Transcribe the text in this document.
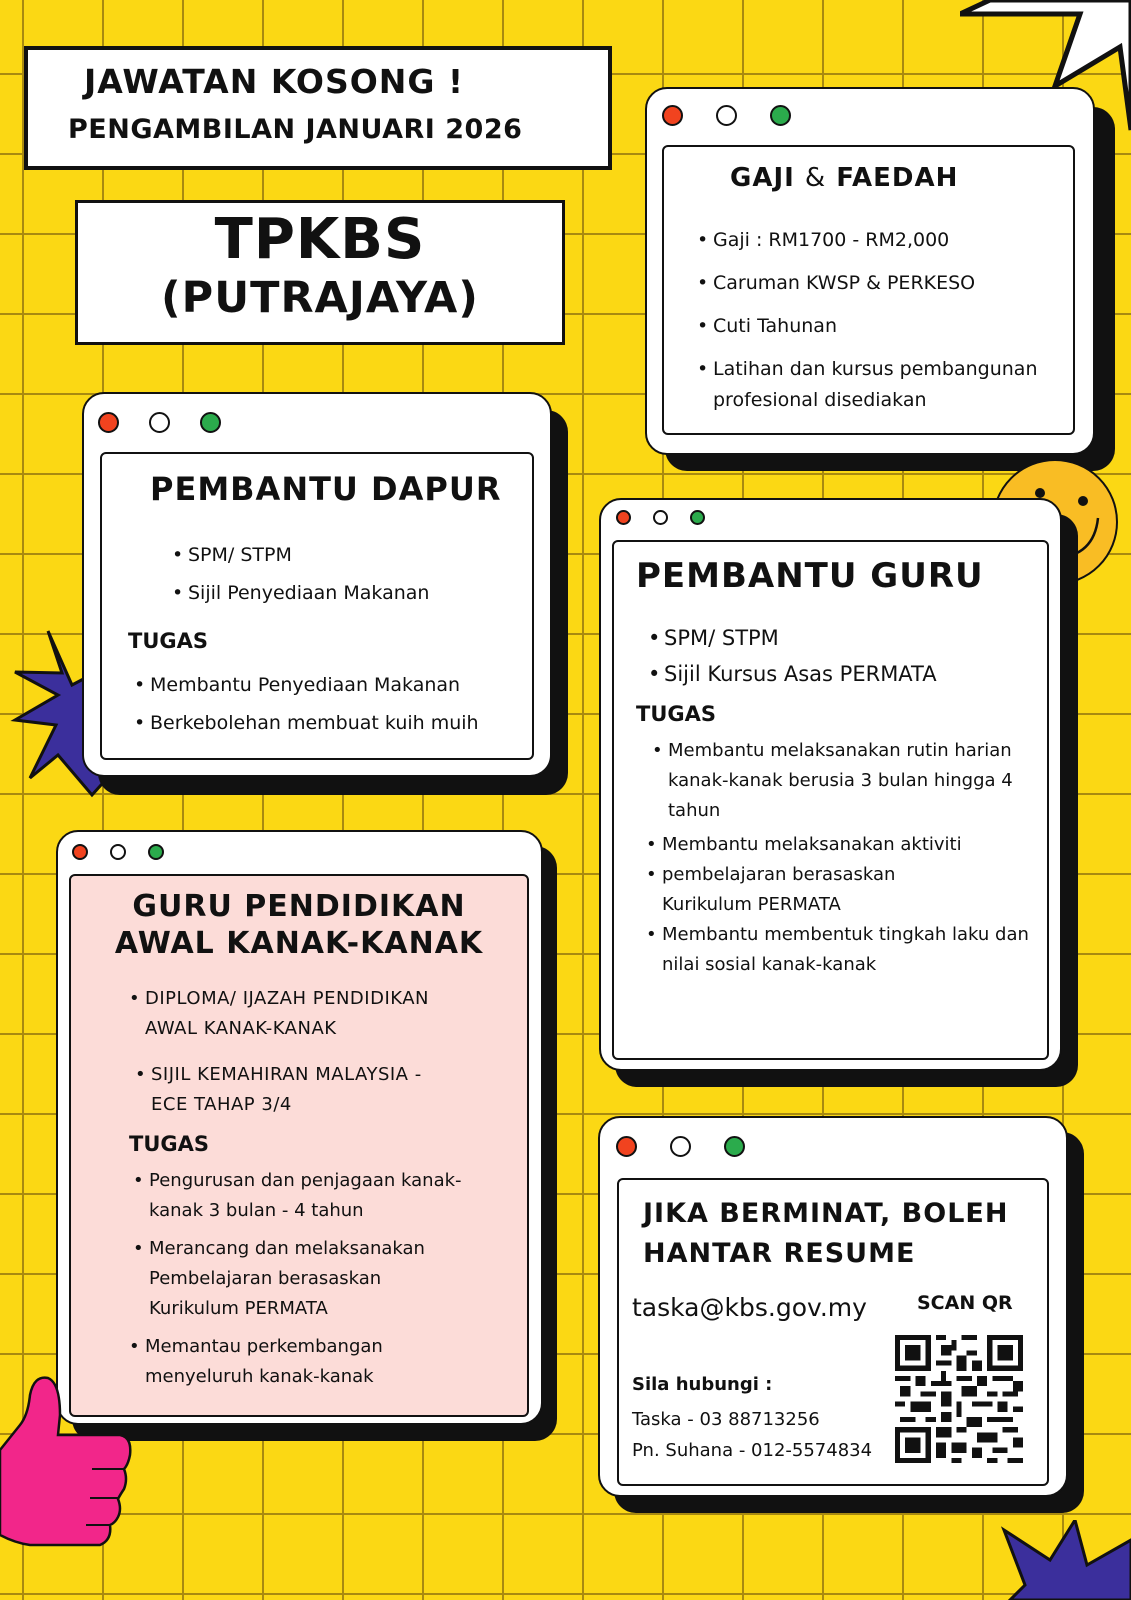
JAWATAN KOSONG !
PENGAMBILAN JANUARI 2026
TPKBS
(PUTRAJAYA)
GAJI & FAEDAH
• Gaji : RM1700 - RM2,000
• Caruman KWSP & PERKESO
• Cuti Tahunan
• Latihan dan kursus pembangunan profesional disediakan
PEMBANTU DAPUR
• SPM/ STPM
• Sijil Penyediaan Makanan
TUGAS
• Membantu Penyediaan Makanan
• Berkebolehan membuat kuih muih
PEMBANTU GURU
• SPM/ STPM
• Sijil Kursus Asas PERMATA
TUGAS
• Membantu melaksanakan rutin harian kanak-kanak berusia 3 bulan hingga 4 tahun
• Membantu melaksanakan aktiviti
• pembelajaran berasaskan Kurikulum PERMATA
• Membantu membentuk tingkah laku dan nilai sosial kanak-kanak
GURU PENDIDIKAN
AWAL KANAK-KANAK
• DIPLOMA/ IJAZAH PENDIDIKAN AWAL KANAK-KANAK
• SIJIL KEMAHIRAN MALAYSIA - ECE TAHAP 3/4
TUGAS
• Pengurusan dan penjagaan kanak-kanak 3 bulan - 4 tahun
• Merancang dan melaksanakan Pembelajaran berasaskan Kurikulum PERMATA
• Memantau perkembangan menyeluruh kanak-kanak
JIKA BERMINAT, BOLEH
HANTAR RESUME
taska@kbs.gov.my	SCAN QR
Sila hubungi :
Taska - 03 88713256
Pn. Suhana - 012-5574834
